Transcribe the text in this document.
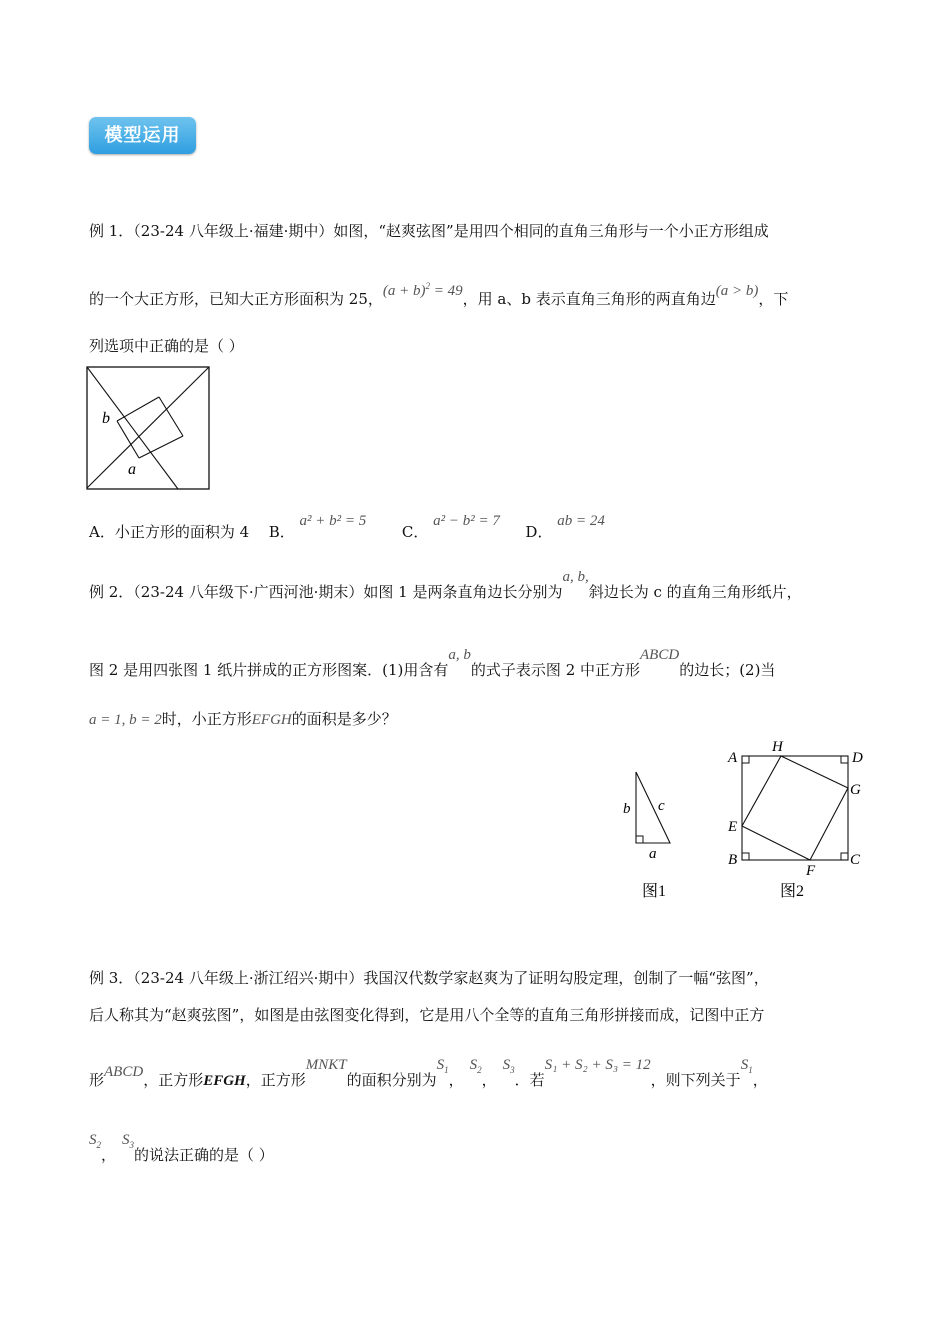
模型运用
例 1．（23-24 八年级上·福建·期中）如图，“赵爽弦图”是用四个相同的直角三角形与一个小正方形组成
的一个大正方形，已知大正方形面积为 25，$(a + b)^2 = 49$，用 a、b 表示直角三角形的两直角边(a > b)，下
列选项中正确的是（ ）
b
a
A．小正方形的面积为 4 B． a² + b² = 5  C． a² − b² = 7  D． ab = 24
例 2．（23-24 八年级下·广西河池·期末）如图 1 是两条直角边长分别为a, b,斜边长为 c 的直角三角形纸片，
图 2 是用四张图 1 纸片拼成的正方形图案．(1)用含有a, b的式子表示图 2 中正方形ABCD的边长；(2)当
a = 1, b = 2时，小正方形EFGH的面积是多少？
b c
a
图1
A
H
D
G
E
B
F
C
图2
例 3．（23-24 八年级上·浙江绍兴·期中）我国汉代数学家赵爽为了证明勾股定理，创制了一幅“弦图”，
后人称其为“赵爽弦图”，如图是由弦图变化得到，它是用八个全等的直角三角形拼接而成，记图中正方
形ABCD，正方形EFGH，正方形MNKT的面积分别为$S_1$，$S_2$，$S_3$．若S₁ + S₂ + S₃ = 12，则下列关于$S_1$，
$S_2$，$S_3$的说法正确的是（ ）
